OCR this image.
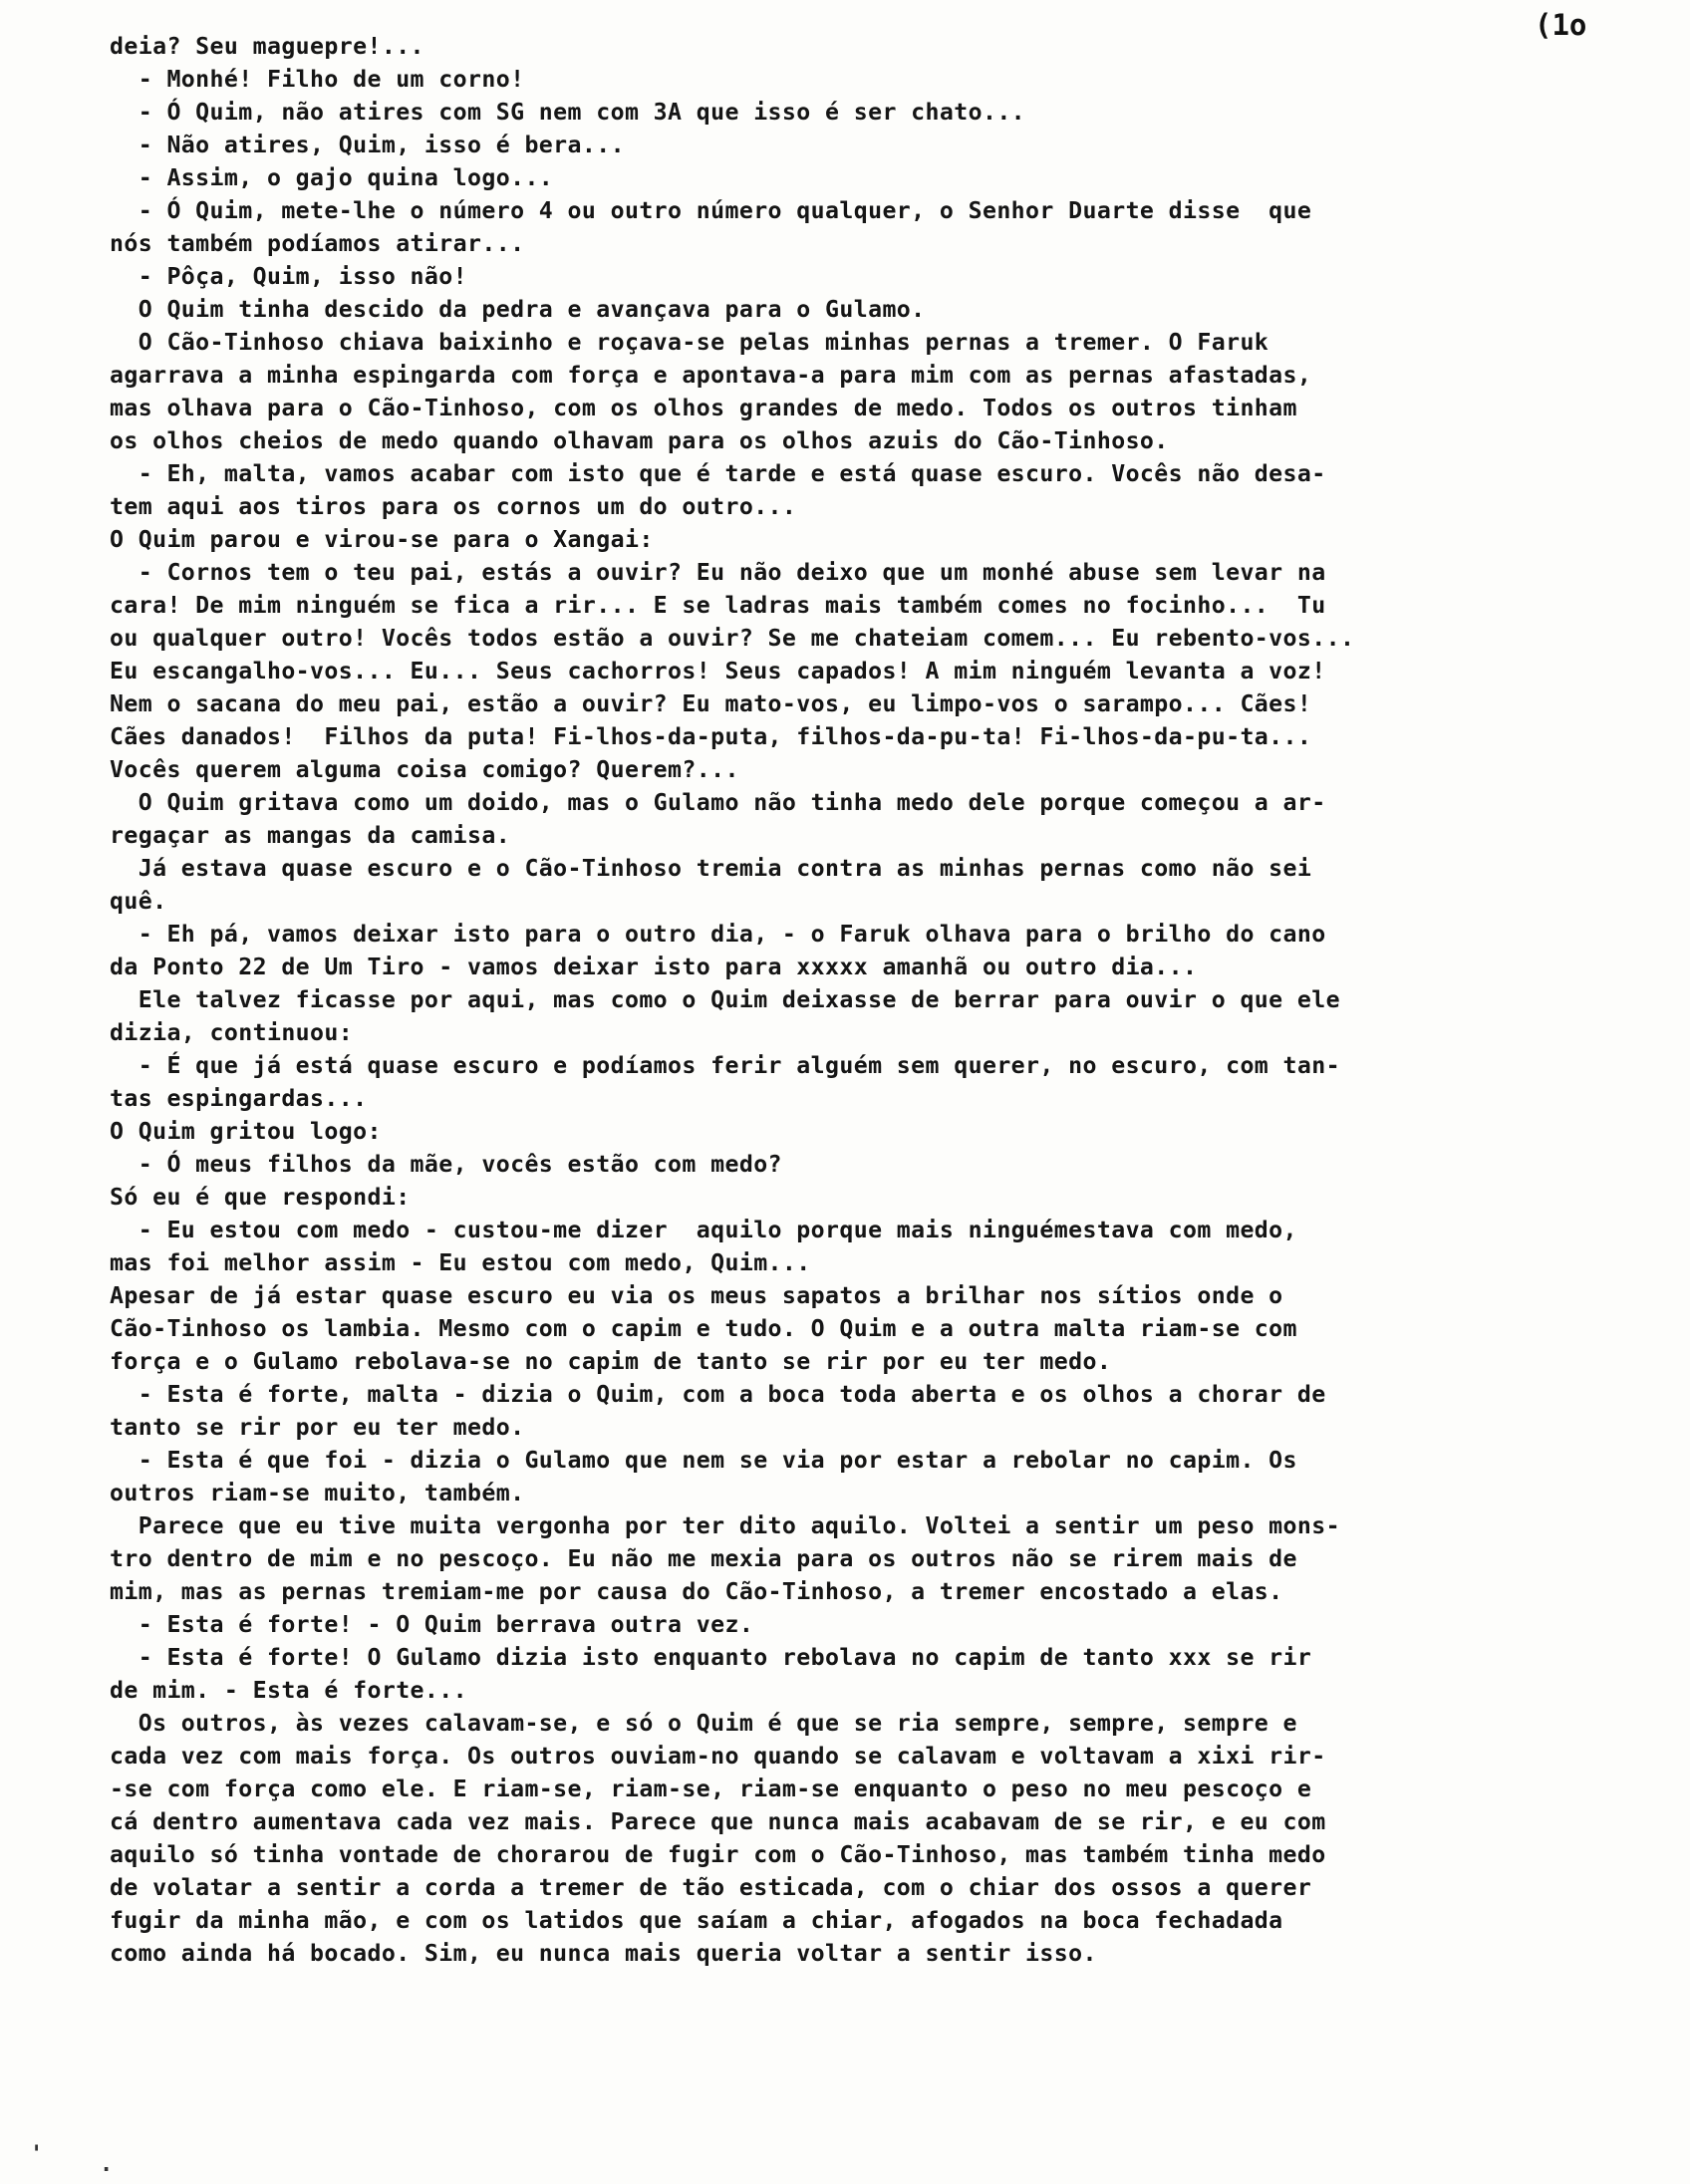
(1o
deia? Seu magueрre!...
- Monhé! Filho de um corno!
- Ó Quim, não atires com SG nem com 3A que isso é ser chato...
- Não atires, Quim, isso é bera...
- Assim, o gajo quina logo...
- Ó Quim, mete-lhe o número 4 ou outro número qualquer, o Senhor Duarte disse  que
nós também podíamos atirar...
- Pôça, Quim, isso não!
O Quim tinha descido da pedra e avançava para o Gulamo.
O Cão-Tinhoso chiava baixinho e roçava-se pelas minhas pernas a tremer. O Faruk
agarrava a minha espingarda com força e apontava-a para mim com as pernas afastadas,
mas olhava para o Cão-Tinhoso, com os olhos grandes de medo. Todos os outros tinham
os olhos cheios de medo quando olhavam para os olhos azuis do Cão-Tinhoso.
- Eh, malta, vamos acabar com isto que é tarde e está quase escuro. Vocês não desa-
tem aqui aos tiros para os cornos um do outro...
O Quim parou e virou-se para o Xangai:
- Cornos tem o teu pai, estás a ouvir? Eu não deixo que um monhé abuse sem levar na
cara! De mim ninguém se fica a rir... E se ladras mais também comes no focinho...  Tu
ou qualquer outro! Vocês todos estão a ouvir? Se me chateiam comem... Eu rebento-vos...
Eu escangalho-vos... Eu... Seus cachorros! Seus capados! A mim ninguém levanta a voz!
Nem o sacana do meu pai, estão a ouvir? Eu mato-vos, eu limpo-vos o sarampo... Cães!
Cães danados!  Filhos da puta! Fi-lhos-da-puta, filhos-da-pu-ta! Fi-lhos-da-pu-ta...
Vocês querem alguma coisa comigo? Querem?...
O Quim gritava como um doido, mas o Gulamo não tinha medo dele porque começou a ar-
regaçar as mangas da camisa.
Já estava quase escuro e o Cão-Tinhoso tremia contra as minhas pernas como não sei
quê.
- Eh pá, vamos deixar isto para o outro dia, - o Faruk olhava para o brilho do cano
da Ponto 22 de Um Tiro - vamos deixar isto para xxxxx amanhã ou outro dia...
Ele talvez ficasse por aqui, mas como o Quim deixasse de berrar para ouvir o que ele
dizia, continuou:
- É que já está quase escuro e podíamos ferir alguém sem querer, no escuro, com tan-
tas espingardas...
O Quim gritou logo:
- Ó meus filhos da mãe, vocês estão com medo?
Só eu é que respondi:
- Eu estou com medo - custou-me dizer  aquilo porque mais ninguémestava com medo,
mas foi melhor assim - Eu estou com medo, Quim...
Apesar de já estar quase escuro eu via os meus sapatos a brilhar nos sítios onde o
Cão-Tinhoso os lambia. Mesmo com o capim e tudo. O Quim e a outra malta riam-se com
força e o Gulamo rebolava-se no capim de tanto se rir por eu ter medo.
- Esta é forte, malta - dizia o Quim, com a boca toda aberta e os olhos a chorar de
tanto se rir por eu ter medo.
- Esta é que foi - dizia o Gulamo que nem se via por estar a rebolar no capim. Os
outros riam-se muito, também.
Parece que eu tive muita vergonha por ter dito aquilo. Voltei a sentir um peso mons-
tro dentro de mim e no pescoço. Eu não me mexia para os outros não se rirem mais de
mim, mas as pernas tremiam-me por causa do Cão-Tinhoso, a tremer encostado a elas.
- Esta é forte! - O Quim berrava outra vez.
- Esta é forte! O Gulamo dizia isto enquanto rebolava no capim de tanto xxx se rir
de mim. - Esta é forte...
Os outros, às vezes calavam-se, e só o Quim é que se ria sempre, sempre, sempre e
cada vez com mais força. Os outros ouviam-no quando se calavam e voltavam a xixi rir-
-se com força como ele. E riam-se, riam-se, riam-se enquanto o peso no meu pescoço e
cá dentro aumentava cada vez mais. Parece que nunca mais acabavam de se rir, e eu com
aquilo só tinha vontade de chorarou de fugir com o Cão-Tinhoso, mas também tinha medo
de volatar a sentir a corda a tremer de tão esticada, com o chiar dos ossos a querer
fugir da minha mão, e com os latidos que saíam a chiar, afogados na boca fechadada
como ainda há bocado. Sim, eu nunca mais queria voltar a sentir isso.
'	.
